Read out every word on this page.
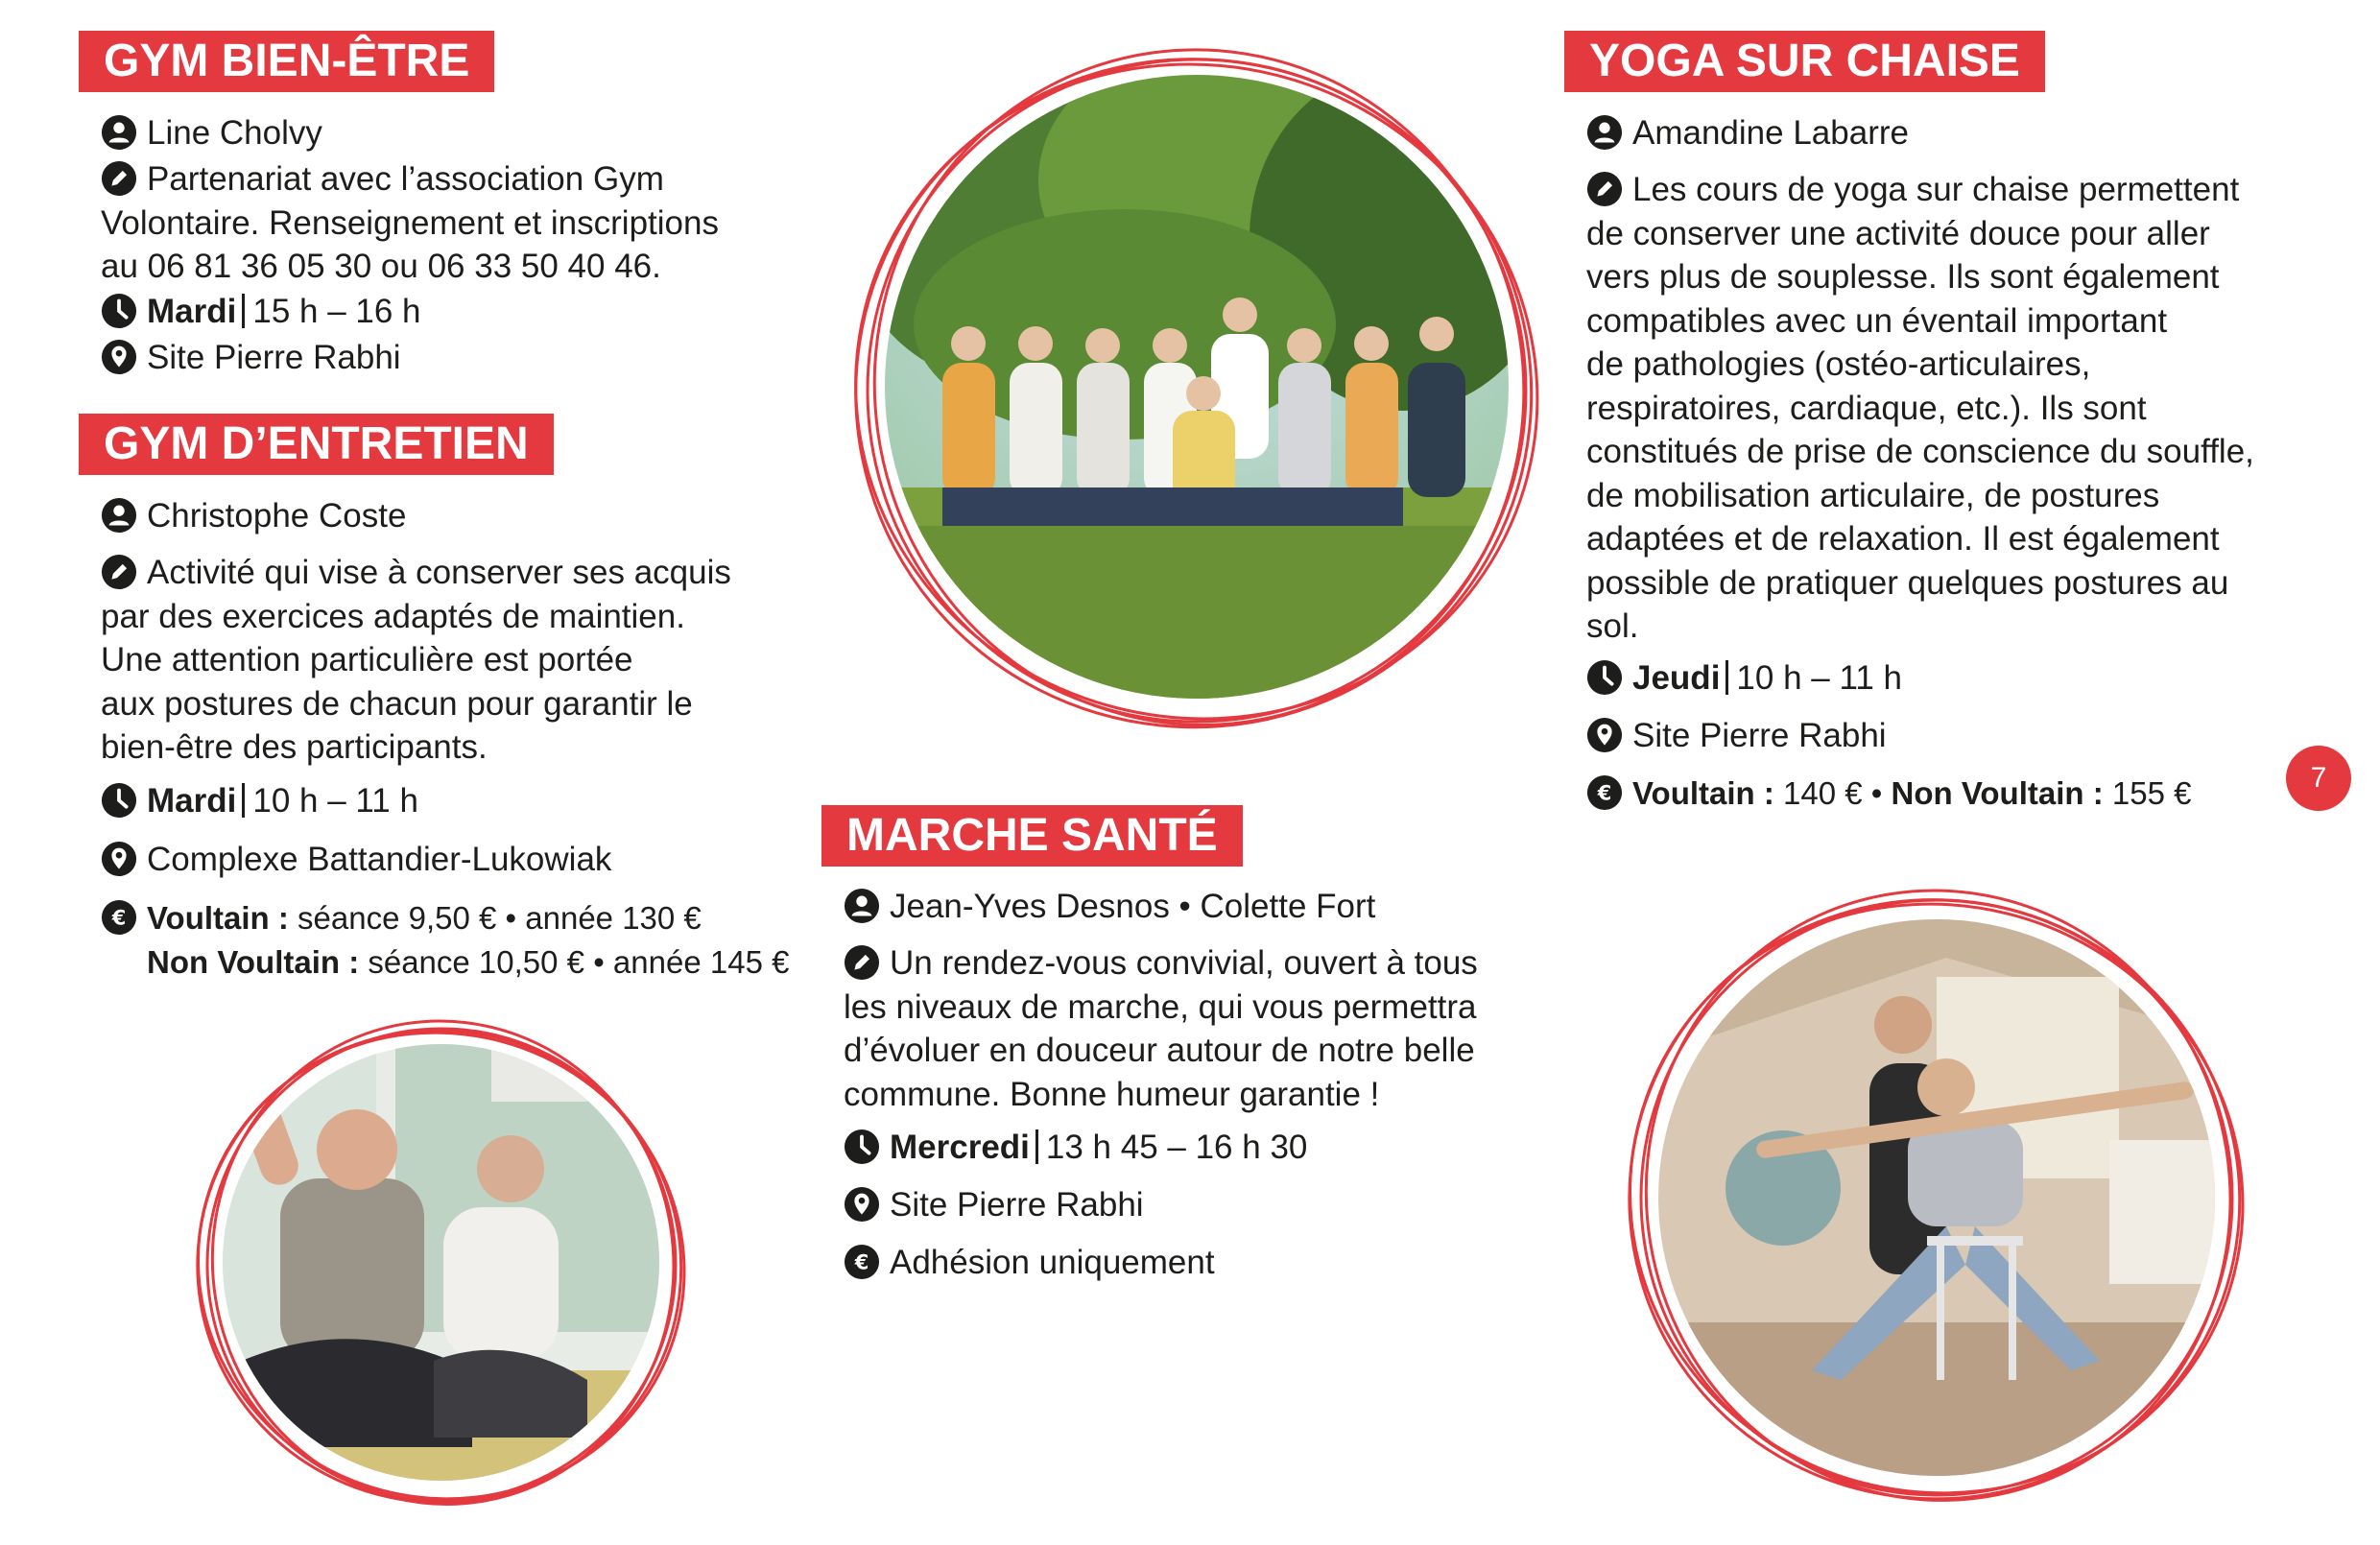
GYM BIEN-ÊTRE
Line Cholvy

Partenariat avec l’association Gym

Volontaire. Renseignement et inscriptions

au 06 81 36 05 30 ou 06 33 50 40 46.

Mardi 15 h – 16 h
Site Pierre Rabhi
GYM D’ENTRETIEN
Christophe Coste

Activité qui vise à conserver ses acquis

par des exercices adaptés de maintien.

Une attention particulière est portée

aux postures de chacun pour garantir le

bien-être des participants.

Mardi 10 h – 11 h
Complexe Battandier-Lukowiak
€ Voultain : séance 9,50 € • année 130 €
Non Voultain : séance 10,50 € • année 145 €
MARCHE SANTÉ
Jean-Yves Desnos • Colette Fort

Un rendez-vous convivial, ouvert à tous

les niveaux de marche, qui vous permettra

d’évoluer en douceur autour de notre belle

commune. Bonne humeur garantie !

Mercredi 13 h 45 – 16 h 30
Site Pierre Rabhi
€ Adhésion uniquement
YOGA SUR CHAISE
Amandine Labarre

Les cours de yoga sur chaise permettent

de conserver une activité douce pour aller

vers plus de souplesse. Ils sont également

compatibles avec un éventail important

de pathologies (ostéo-articulaires,

respiratoires, cardiaque, etc.). Ils sont

constitués de prise de conscience du souffle,

de mobilisation articulaire, de postures

adaptées et de relaxation. Il est également

possible de pratiquer quelques postures au

sol.

Jeudi 10 h – 11 h
Site Pierre Rabhi
€ Voultain : 140 € • Non Voultain : 155 €	7
